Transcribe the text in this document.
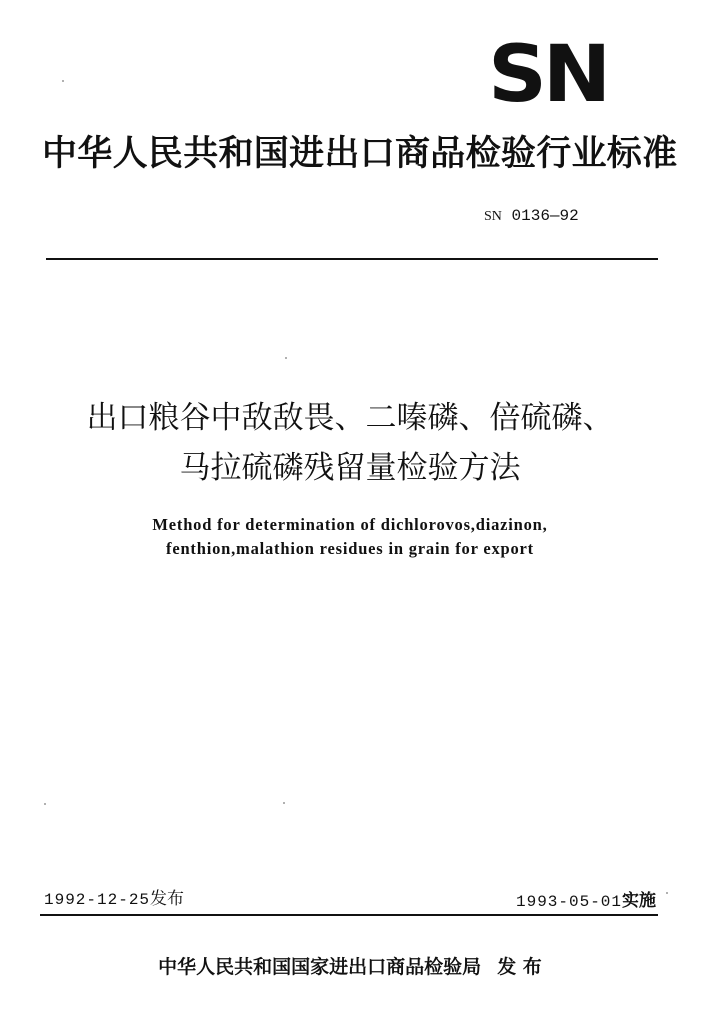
SN
中华人民共和国进出口商品检验行业标准
SN 0136—92
出口粮谷中敌敌畏、二嗪磷、倍硫磷、
马拉硫磷残留量检验方法
Method for determination of dichlorovos,diazinon,
fenthion,malathion residues in grain for export
1992-12-25发布	1993-05-01实施
中华人民共和国国家进出口商品检验局 发 布
